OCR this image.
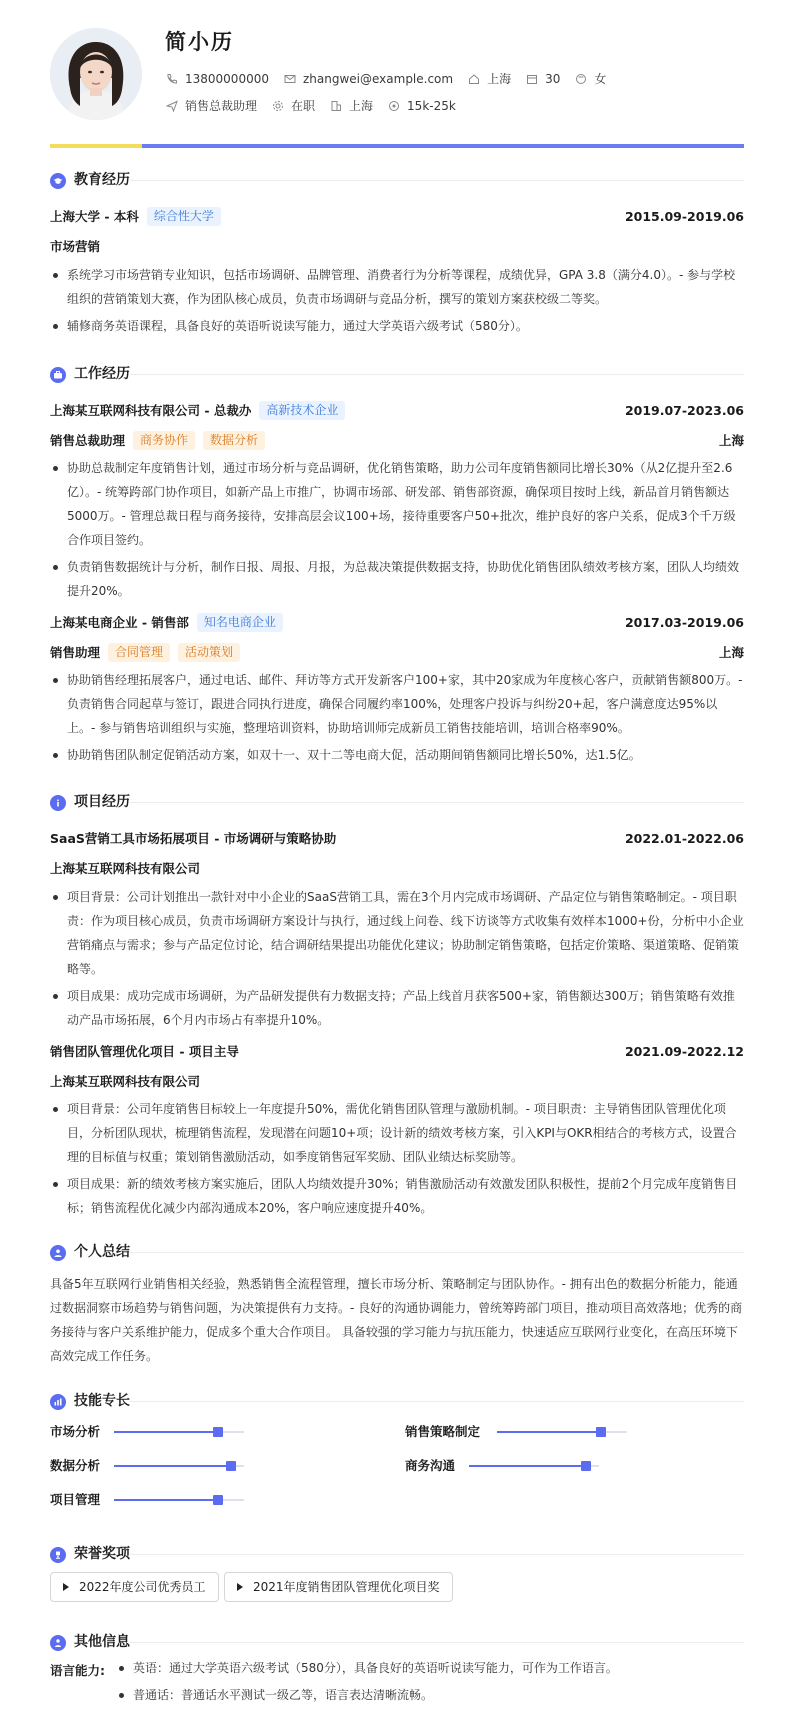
简小历
13800000000	zhangwei@example.com	上海	30	女
销售总裁助理	在职	上海	15k-25k
教育经历
上海大学 - 本科	综合性大学	2015.09-2019.06
市场营销
系统学习市场营销专业知识，包括市场调研、品牌管理、消费者行为分析等课程，成绩优异，GPA 3.8（满分4.0）。- 参与学校组织的营销策划大赛，作为团队核心成员，负责市场调研与竞品分析，撰写的策划方案获校级二等奖。
辅修商务英语课程，具备良好的英语听说读写能力，通过大学英语六级考试（580分）。
工作经历
上海某互联网科技有限公司 - 总裁办	高新技术企业	2019.07-2023.06
销售总裁助理	商务协作	数据分析	上海
协助总裁制定年度销售计划，通过市场分析与竞品调研，优化销售策略，助力公司年度销售额同比增长30%（从2亿提升至2.6亿）。- 统筹跨部门协作项目，如新产品上市推广，协调市场部、研发部、销售部资源，确保项目按时上线，新品首月销售额达5000万。- 管理总裁日程与商务接待，安排高层会议100+场，接待重要客户50+批次，维护良好的客户关系，促成3个千万级合作项目签约。
负责销售数据统计与分析，制作日报、周报、月报，为总裁决策提供数据支持，协助优化销售团队绩效考核方案，团队人均绩效提升20%。
上海某电商企业 - 销售部	知名电商企业	2017.03-2019.06
销售助理	合同管理	活动策划	上海
协助销售经理拓展客户，通过电话、邮件、拜访等方式开发新客户100+家，其中20家成为年度核心客户，贡献销售额800万。- 负责销售合同起草与签订，跟进合同执行进度，确保合同履约率100%，处理客户投诉与纠纷20+起，客户满意度达95%以上。- 参与销售培训组织与实施，整理培训资料，协助培训师完成新员工销售技能培训，培训合格率90%。
协助销售团队制定促销活动方案，如双十一、双十二等电商大促，活动期间销售额同比增长50%，达1.5亿。
项目经历
SaaS营销工具市场拓展项目 - 市场调研与策略协助	2022.01-2022.06
上海某互联网科技有限公司
项目背景：公司计划推出一款针对中小企业的SaaS营销工具，需在3个月内完成市场调研、产品定位与销售策略制定。- 项目职责：作为项目核心成员，负责市场调研方案设计与执行，通过线上问卷、线下访谈等方式收集有效样本1000+份，分析中小企业营销痛点与需求；参与产品定位讨论，结合调研结果提出功能优化建议；协助制定销售策略，包括定价策略、渠道策略、促销策略等。
项目成果：成功完成市场调研，为产品研发提供有力数据支持；产品上线首月获客500+家，销售额达300万；销售策略有效推动产品市场拓展，6个月内市场占有率提升10%。
销售团队管理优化项目 - 项目主导	2021.09-2022.12
上海某互联网科技有限公司
项目背景：公司年度销售目标较上一年度提升50%，需优化销售团队管理与激励机制。- 项目职责：主导销售团队管理优化项目，分析团队现状，梳理销售流程，发现潜在问题10+项；设计新的绩效考核方案，引入KPI与OKR相结合的考核方式，设置合理的目标值与权重；策划销售激励活动，如季度销售冠军奖励、团队业绩达标奖励等。
项目成果：新的绩效考核方案实施后，团队人均绩效提升30%；销售激励活动有效激发团队积极性，提前2个月完成年度销售目标；销售流程优化减少内部沟通成本20%，客户响应速度提升40%。
个人总结
具备5年互联网行业销售相关经验，熟悉销售全流程管理，擅长市场分析、策略制定与团队协作。- 拥有出色的数据分析能力，能通过数据洞察市场趋势与销售问题，为决策提供有力支持。- 良好的沟通协调能力，曾统筹跨部门项目，推动项目高效落地；优秀的商务接待与客户关系维护能力，促成多个重大合作项目。 具备较强的学习能力与抗压能力，快速适应互联网行业变化，在高压环境下高效完成工作任务。
技能专长
市场分析	销售策略制定
数据分析	商务沟通
项目管理
荣誉奖项
2022年度公司优秀员工	2021年度销售团队管理优化项目奖
其他信息
语言能力:	英语：通过大学英语六级考试（580分），具备良好的英语听说读写能力，可作为工作语言。
普通话：普通话水平测试一级乙等，语言表达清晰流畅。
